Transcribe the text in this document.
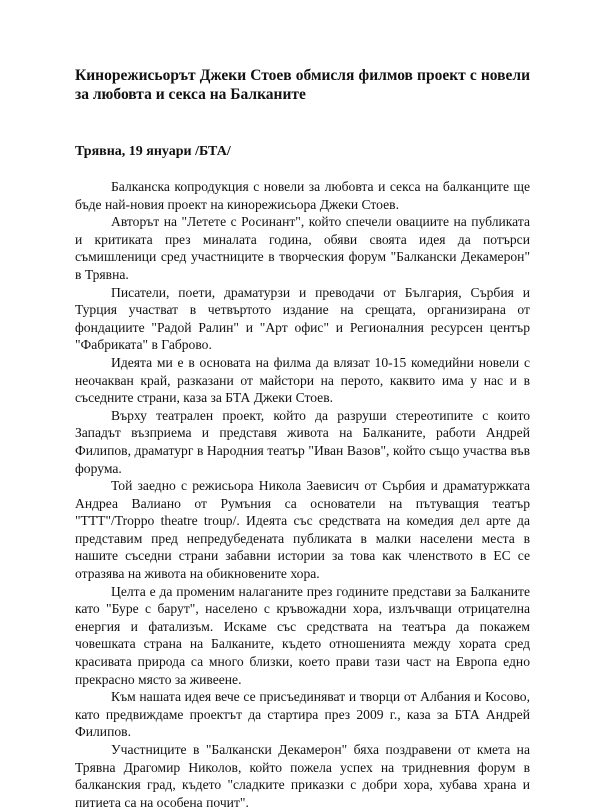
Кинорежисьорът Джеки Стоев обмисля филмов проект с новели за любовта и секса на Балканите
Трявна, 19 януари /БТА/

Балканска копродукция с новели за любовта и секса на балканците ще бъде най-новия проект на кинорежисьора Джеки Стоев.

Авторът на "Летете с Росинант", който спечели овациите на публиката и критиката през миналата година, обяви своята идея да потърси съмишленици сред участниците в творческия форум "Балкански Декамерон" в Трявна.

Писатели, поети, драматурзи и преводачи от България, Сърбия и Турция участват в четвъртото издание на срещата, организирана от фондациите "Радой Ралин" и "Арт офис" и Регионалния ресурсен център "Фабриката" в Габрово.

Идеята ми е в основата на филма да влязат 10-15 комедийни новели с неочакван край, разказани от майстори на перото, каквито има у нас и в съседните страни, каза за БТА Джеки Стоев.

Върху театрален проект, който да разруши стереотипите с които Западът възприема и представя живота на Балканите, работи Андрей Филипов, драматург в Народния театър "Иван Вазов", който също участва във форума.

Той заедно с режисьора Никола Заевисич от Сърбия и драматуржката Андреа Валиано от Румъния са основатели на пътуващия театър "ТТТ"/Troppo theatre troup/. Идеята със средствата на комедия дел арте да представим пред непредубедената публиката в малки населени места в нашите съседни страни забавни истории за това как членството в ЕС се отразява на живота на обикновените хора.

Целта е да променим налаганите през годините представи за Балканите като "Буре с барут", населено с кръвожадни хора, излъчващи отрицателна енергия и фатализъм. Искаме със средствата на театъра да покажем човешката страна на Балканите, където отношенията между хората сред красивата природа са много близки, което прави тази част на Европа едно прекрасно място за живеене.

Към нашата идея вече се присъединяват и творци от Албания и Косово, като предвиждаме проектът да стартира през 2009 г., каза за БТА Андрей Филипов.

Участниците в "Балкански Декамерон" бяха поздравени от кмета на Трявна Драгомир Николов, който пожела успех на тридневния форум в балканския град, където "сладките приказки с добри хора, хубава храна и питиета са на особена почит".
